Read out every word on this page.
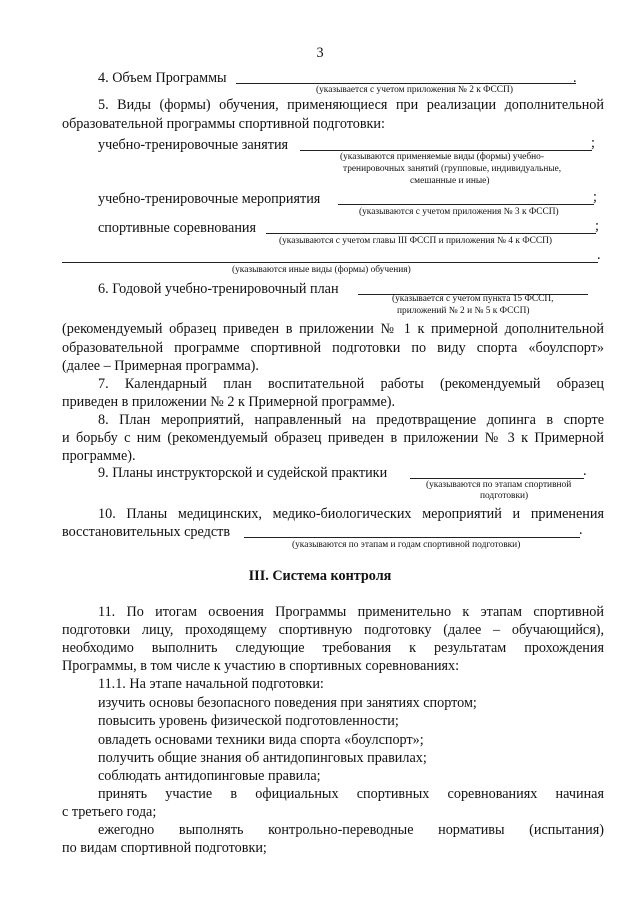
3
4. Объем Программы	.
(указывается с учетом приложения № 2 к ФССП)
5. Виды (формы) обучения, применяющиеся при реализации дополнительной
образовательной программы спортивной подготовки:
учебно-тренировочные занятия	;
(указываются применяемые виды (формы) учебно-
тренировочных занятий (групповые, индивидуальные,
смешанные и иные)
учебно-тренировочные мероприятия	;
(указываются с учетом приложения № 3 к ФССП)
спортивные соревнования	;
(указываются с учетом главы III ФССП и приложения № 4 к ФССП)
.
(указываются иные виды (формы) обучения)
6. Годовой учебно-тренировочный план
(указывается с учетом пункта 15 ФССП,
приложений № 2 и № 5 к ФССП)
(рекомендуемый образец приведен в приложении № 1 к примерной дополнительной
образовательной программе спортивной подготовки по виду спорта «боулспорт»
(далее – Примерная программа).
7. Календарный план воспитательной работы (рекомендуемый образец
приведен в приложении № 2 к Примерной программе).
8. План мероприятий, направленный на предотвращение допинга в спорте
и борьбу с ним (рекомендуемый образец приведен в приложении № 3 к Примерной
программе).
9. Планы инструкторской и судейской практики	.
(указываются по этапам спортивной
подготовки)
10. Планы медицинских, медико-биологических мероприятий и применения
восстановительных средств	.
(указываются по этапам и годам спортивной подготовки)
III. Система контроля
11. По итогам освоения Программы применительно к этапам спортивной
подготовки лицу, проходящему спортивную подготовку (далее – обучающийся),
необходимо выполнить следующие требования к результатам прохождения
Программы, в том числе к участию в спортивных соревнованиях:
11.1. На этапе начальной подготовки:
изучить основы безопасного поведения при занятиях спортом;
повысить уровень физической подготовленности;
овладеть основами техники вида спорта «боулспорт»;
получить общие знания об антидопинговых правилах;
соблюдать антидопинговые правила;
принять участие в официальных спортивных соревнованиях начиная
с третьего года;
ежегодно выполнять контрольно-переводные нормативы (испытания)
по видам спортивной подготовки;
